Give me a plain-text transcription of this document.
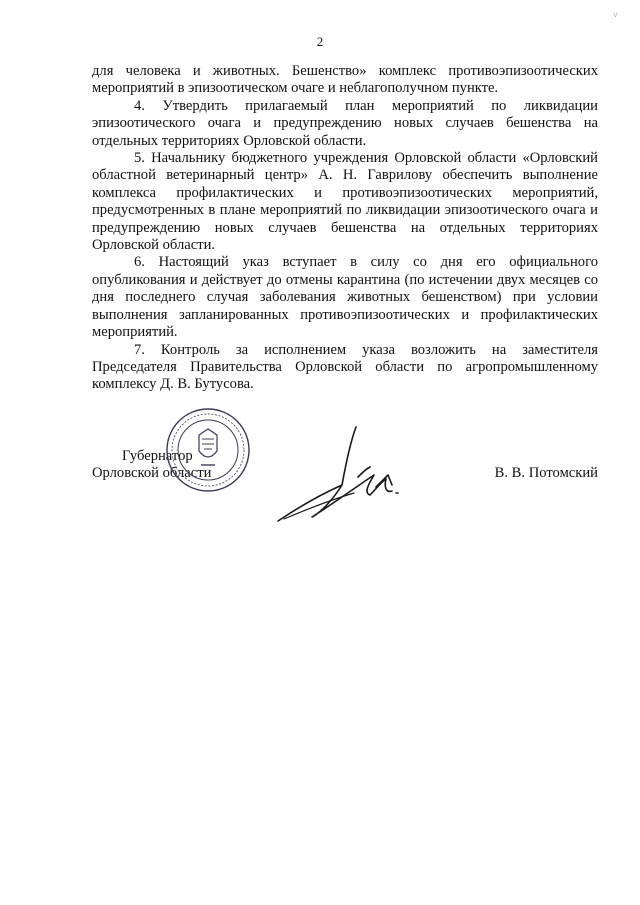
˅
2

для человека и животных. Бешенство» комплекс противоэпизоотических мероприятий в эпизоотическом очаге и неблагополучном пункте.

4. Утвердить прилагаемый план мероприятий по ликвидации эпизоотического очага и предупреждению новых случаев бешенства на отдельных территориях Орловской области.

5. Начальнику бюджетного учреждения Орловской области «Орловский областной ветеринарный центр» А. Н. Гаврилову обеспечить выполнение комплекса профилактических и противоэпизоотических мероприятий, предусмотренных в плане мероприятий по ликвидации эпизоотического очага и предупреждению новых случаев бешенства на отдельных территориях Орловской области.

6. Настоящий указ вступает в силу со дня его официального опубликования и действует до отмены карантина (по истечении двух месяцев со дня последнего случая заболевания животных бешенством) при условии выполнения запланированных противоэпизоотических и профилактических мероприятий.

7. Контроль за исполнением указа возложить на заместителя Председателя Правительства Орловской области по агропромышленному комплексу Д. В. Бутусова.

Губернатор
Орловской области	В. В. Потомский
